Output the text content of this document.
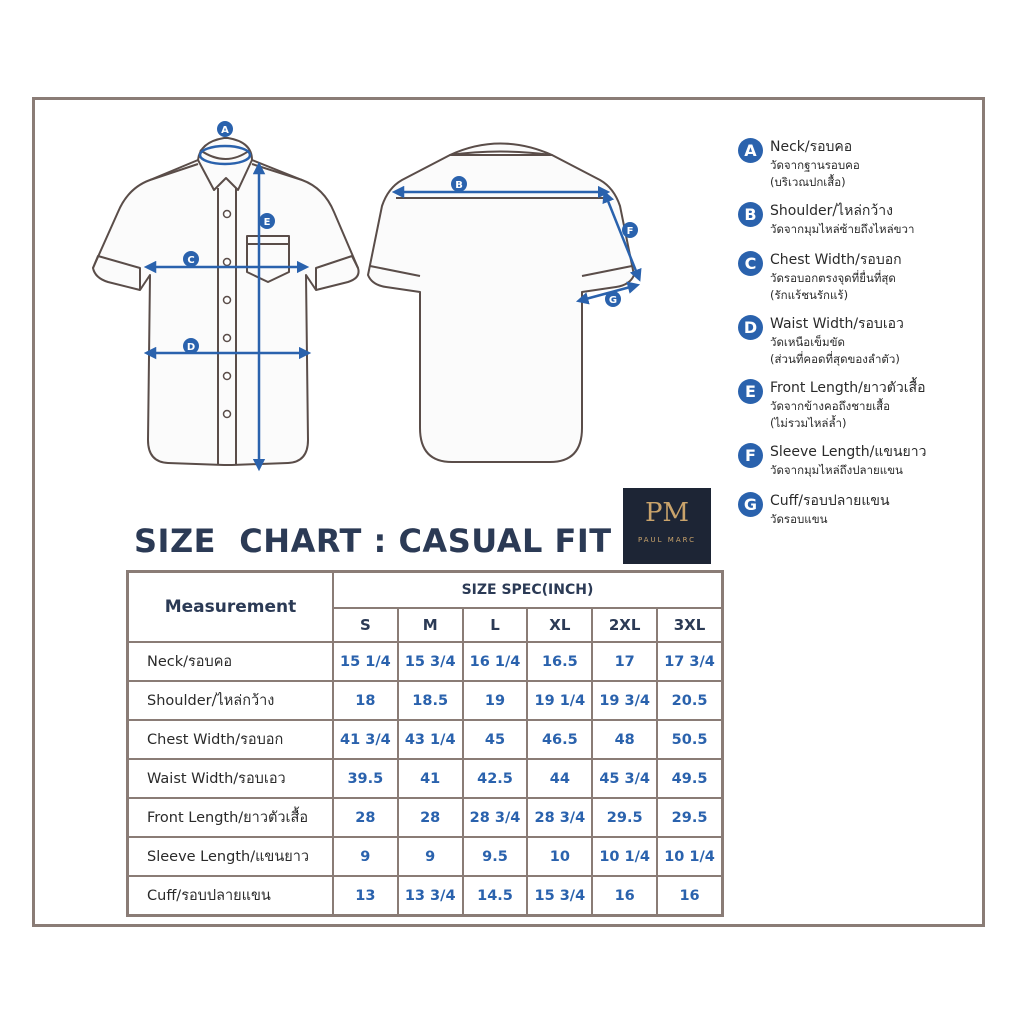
A
C
D
E
B
F
G
A Neck/รอบคอ
วัดจากฐานรอบคอ
(บริเวณปกเสื้อ)
B Shoulder/ไหล่กว้าง
วัดจากมุมไหล่ซ้ายถึงไหล่ขวา
C Chest Width/รอบอก
วัดรอบอกตรงจุดที่ยื่นที่สุด
(รักแร้ชนรักแร้)
D Waist Width/รอบเอว
วัดเหนือเข็มขัด
(ส่วนที่คอดที่สุดของลำตัว)
E	Front Length/ยาวตัวเสื้อ
วัดจากข้างคอถึงชายเสื้อ
(ไม่รวมไหล่ล้ำ)
F	Sleeve Length/แขนยาว
วัดจากมุมไหล่ถึงปลายแขน
G Cuff/รอบปลายแขน
วัดรอบแขน
PM
PAUL MARC
SIZE  CHART : CASUAL FIT
Measurement	SIZE SPEC(INCH)					
	S	M	L	XL	2XL	3XL
Neck/รอบคอ	15 1/4	15 3/4	16 1/4	16.5	17	17 3/4
Shoulder/ไหล่กว้าง	18	18.5	19	19 1/4	19 3/4	20.5
Chest Width/รอบอก	41 3/4	43 1/4	45	46.5	48	50.5
Waist Width/รอบเอว	39.5	41	42.5	44	45 3/4	49.5
Front Length/ยาวตัวเสื้อ	28	28	28 3/4	28 3/4	29.5	29.5
Sleeve Length/แขนยาว	9	9	9.5	10	10 1/4	10 1/4
Cuff/รอบปลายแขน	13	13 3/4	14.5	15 3/4	16	16
